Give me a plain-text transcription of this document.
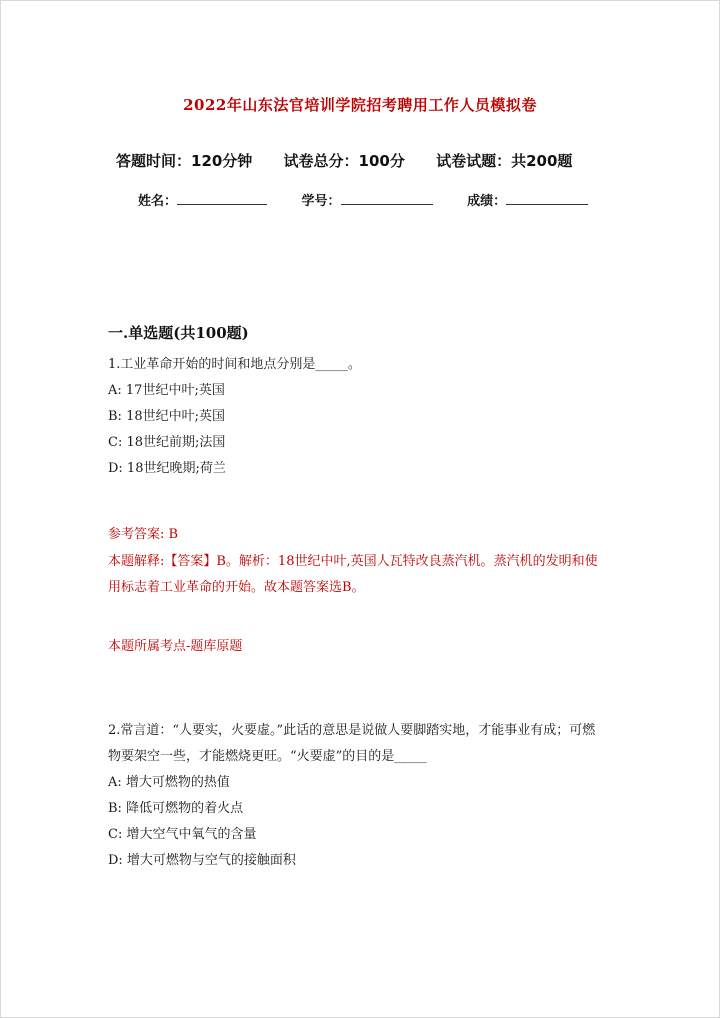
2022年山东法官培训学院招考聘用工作人员模拟卷
答题时间：120分钟 试卷总分：100分 试卷试题：共200题
姓名：	学号：	成绩：
一.单选题(共100题)

1.工业革命开始的时间和地点分别是_____。

A: 17世纪中叶;英国

B: 18世纪中叶;英国

C: 18世纪前期;法国

D: 18世纪晚期;荷兰

参考答案: B
本题解释:【答案】B。解析：18世纪中叶,英国人瓦特改良蒸汽机。蒸汽机的发明和使用标志着工业革命的开始。故本题答案选B。
本题所属考点-题库原题

2.常言道：“人要实，火要虚。”此话的意思是说做人要脚踏实地，才能事业有成；可燃物要架空一些，才能燃烧更旺。“火要虚”的目的是_____

A: 增大可燃物的热值

B: 降低可燃物的着火点

C: 增大空气中氧气的含量

D: 增大可燃物与空气的接触面积
